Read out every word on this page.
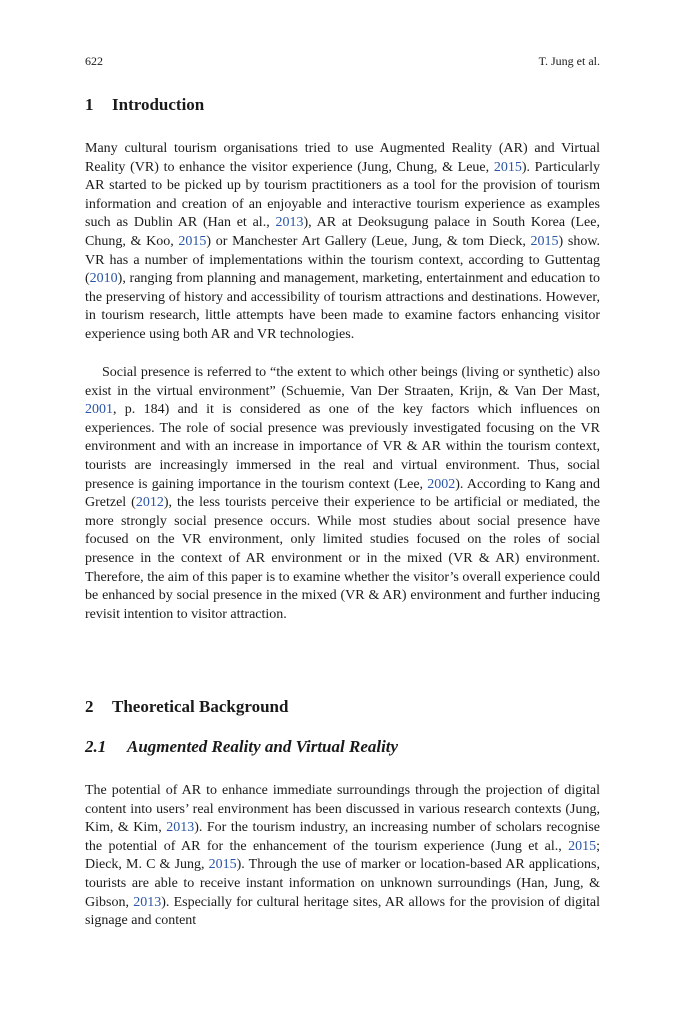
622	T. Jung et al.
1 Introduction

Many cultural tourism organisations tried to use Augmented Reality (AR) and Virtual Reality (VR) to enhance the visitor experience (Jung, Chung, & Leue, 2015). Particularly AR started to be picked up by tourism practitioners as a tool for the provision of tourism information and creation of an enjoyable and interactive tourism experience as examples such as Dublin AR (Han et al., 2013), AR at Deoksugung palace in South Korea (Lee, Chung, & Koo, 2015) or Manchester Art Gallery (Leue, Jung, & tom Dieck, 2015) show. VR has a number of implementations within the tourism context, according to Guttentag (2010), ranging from planning and management, marketing, entertainment and education to the preserving of history and accessibility of tourism attractions and destinations. However, in tourism research, little attempts have been made to examine factors enhancing visitor experience using both AR and VR technologies.

Social presence is referred to “the extent to which other beings (living or synthetic) also exist in the virtual environment” (Schuemie, Van Der Straaten, Krijn, & Van Der Mast, 2001, p. 184) and it is considered as one of the key factors which influences on experiences. The role of social presence was previously investigated focusing on the VR environment and with an increase in importance of VR & AR within the tourism context, tourists are increasingly immersed in the real and virtual environment. Thus, social presence is gaining importance in the tourism context (Lee, 2002). According to Kang and Gretzel (2012), the less tourists perceive their experience to be artificial or mediated, the more strongly social presence occurs. While most studies about social presence have focused on the VR environment, only limited studies focused on the roles of social presence in the context of AR environment or in the mixed (VR & AR) environment. Therefore, the aim of this paper is to examine whether the visitor’s overall experience could be enhanced by social presence in the mixed (VR & AR) environment and further inducing revisit intention to visitor attraction.

2 Theoretical Background
2.1 Augmented Reality and Virtual Reality

The potential of AR to enhance immediate surroundings through the projection of digital content into users’ real environment has been discussed in various research contexts (Jung, Kim, & Kim, 2013). For the tourism industry, an increasing number of scholars recognise the potential of AR for the enhancement of the tourism experience (Jung et al., 2015; Dieck, M. C & Jung, 2015). Through the use of marker or location-based AR applications, tourists are able to receive instant information on unknown surroundings (Han, Jung, & Gibson, 2013). Especially for cultural heritage sites, AR allows for the provision of digital signage and content
